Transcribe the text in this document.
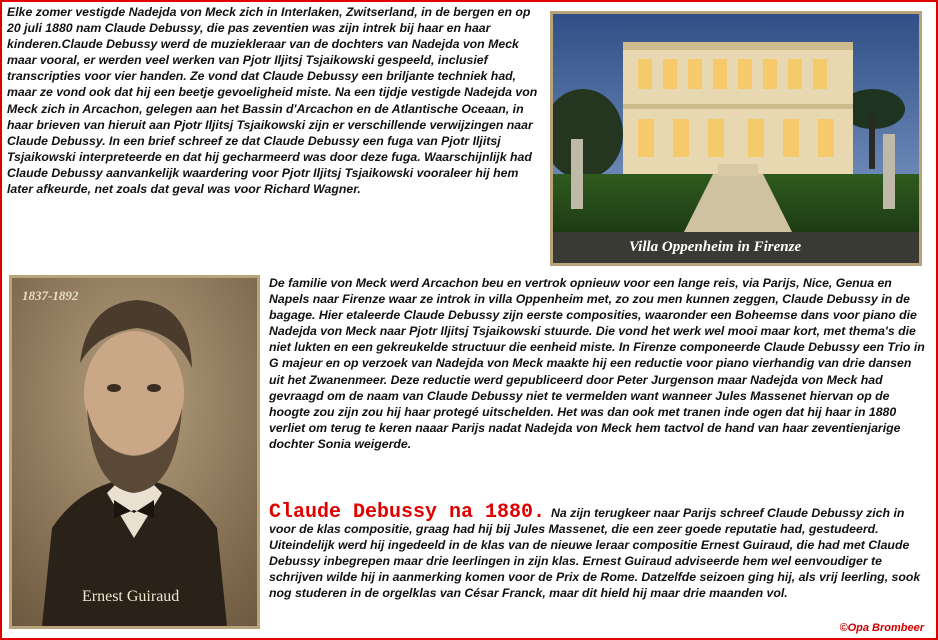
Elke zomer vestigde Nadejda von Meck zich in Interlaken, Zwitserland, in de bergen en op 20 juli 1880 nam Claude Debussy, die pas zeventien was zijn intrek bij haar en haar kinderen.Claude Debussy werd de muziekleraar van de dochters van Nadejda von Meck maar vooral, er werden veel werken van Pjotr Iljitsj Tsjaikowski gespeeld, inclusief transcripties voor vier handen. Ze vond dat Claude Debussy een briljante techniek had, maar ze vond ook dat hij een beetje gevoeligheid miste. Na een tijdje vestigde Nadejda von Meck zich in Arcachon, gelegen aan het Bassin d'Arcachon en de Atlantische Oceaan, in haar brieven van hieruit aan Pjotr Iljitsj Tsjaikowski zijn er verschillende verwijzingen naar Claude Debussy. In een brief schreef ze dat Claude Debussy een fuga van Pjotr Iljitsj Tsjaikowski interpreteerde en dat hij gecharmeerd was door deze fuga. Waarschijnlijk had Claude Debussy aanvankelijk waardering voor Pjotr Iljitsj Tsjaikowski vooraleer hij hem later afkeurde, net zoals dat geval was voor Richard Wagner.
Villa Oppenheim in Firenze
1837-1892
Ernest Guiraud
De familie von Meck werd Arcachon beu en vertrok opnieuw voor een lange reis, via Parijs, Nice, Genua en Napels naar Firenze waar ze introk in villa Oppenheim met, zo zou men kunnen zeggen, Claude Debussy in de bagage. Hier etaleerde Claude Debussy zijn eerste composities, waaronder een Boheemse dans voor piano die Nadejda von Meck naar Pjotr Iljitsj Tsjaikowski stuurde. Die vond het werk wel mooi maar kort, met thema's die niet lukten en een gekreukelde structuur die eenheid miste. In Firenze componeerde Claude Debussy een Trio in G majeur en op verzoek van Nadejda von Meck maakte hij een reductie voor piano vierhandig van drie dansen uit het Zwanenmeer. Deze reductie werd gepubliceerd door Peter Jurgenson maar Nadejda von Meck had gevraagd om de naam van Claude Debussy niet te vermelden want wanneer Jules Massenet hiervan op de hoogte zou zijn zou hij haar protegé uitschelden. Het was dan ook met tranen inde ogen dat hij haar in 1880 verliet om terug te keren naaar Parijs nadat Nadejda von Meck hem tactvol de hand van haar zeventienjarige dochter Sonia weigerde.
Claude Debussy na 1880. Na zijn terugkeer naar Parijs schreef Claude Debussy zich in voor de klas compositie, graag had hij bij Jules Massenet, die een zeer goede reputatie had, gestudeerd. Uiteindelijk werd hij ingedeeld in de klas van de nieuwe leraar compositie Ernest Guiraud, die had met Claude Debussy inbegrepen maar drie leerlingen in zijn klas. Ernest Guiraud adviseerde hem wel eenvoudiger te schrijven wilde hij in aanmerking komen voor de Prix de Rome. Datzelfde seizoen ging hij, als vrij leerling, sook nog studeren in de orgelklas van César Franck, maar dit hield hij maar drie maanden vol.
©Opa Brombeer
